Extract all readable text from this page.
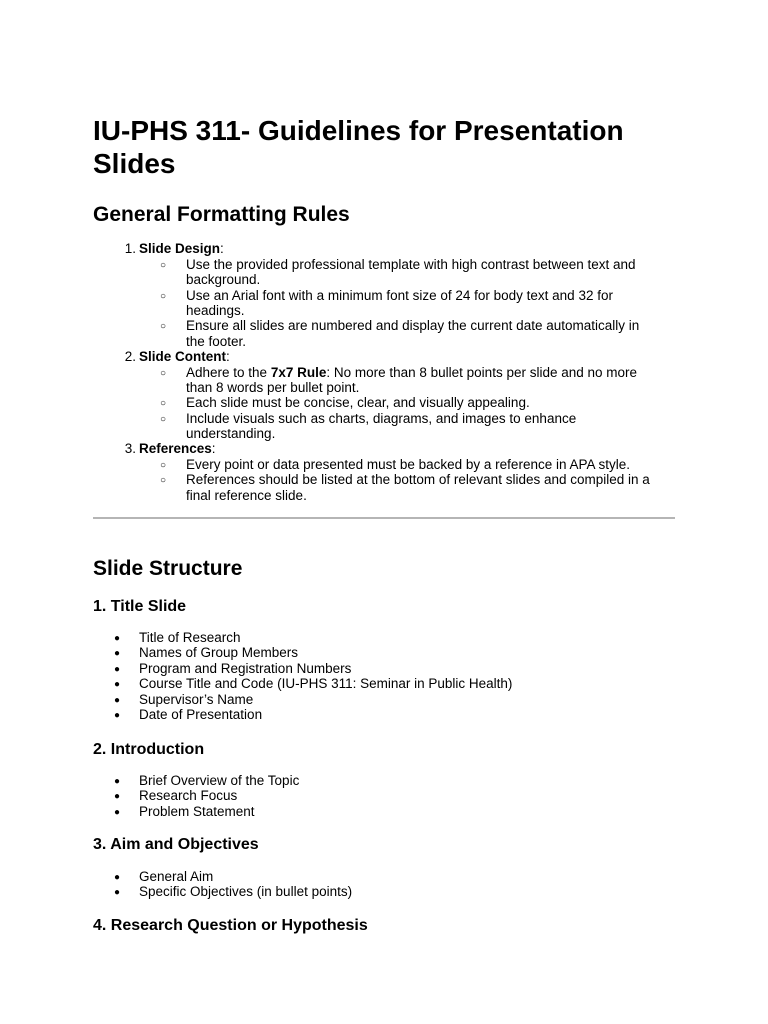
IU-PHS 311- Guidelines for Presentation Slides
General Formatting Rules
1. Slide Design:
○ Use the provided professional template with high contrast between text and
background.
○ Use an Arial font with a minimum font size of 24 for body text and 32 for
headings.
○ Ensure all slides are numbered and display the current date automatically in
the footer.
2. Slide Content:
○ Adhere to the 7x7 Rule: No more than 8 bullet points per slide and no more
than 8 words per bullet point.
○ Each slide must be concise, clear, and visually appealing.
○ Include visuals such as charts, diagrams, and images to enhance
understanding.
3. References:
○ Every point or data presented must be backed by a reference in APA style.
○ References should be listed at the bottom of relevant slides and compiled in a
final reference slide.
Slide Structure
1. Title Slide
● Title of Research
● Names of Group Members
● Program and Registration Numbers
● Course Title and Code (IU-PHS 311: Seminar in Public Health)
● Supervisor’s Name
● Date of Presentation
2. Introduction
● Brief Overview of the Topic
● Research Focus
● Problem Statement
3. Aim and Objectives
● General Aim
● Specific Objectives (in bullet points)
4. Research Question or Hypothesis
